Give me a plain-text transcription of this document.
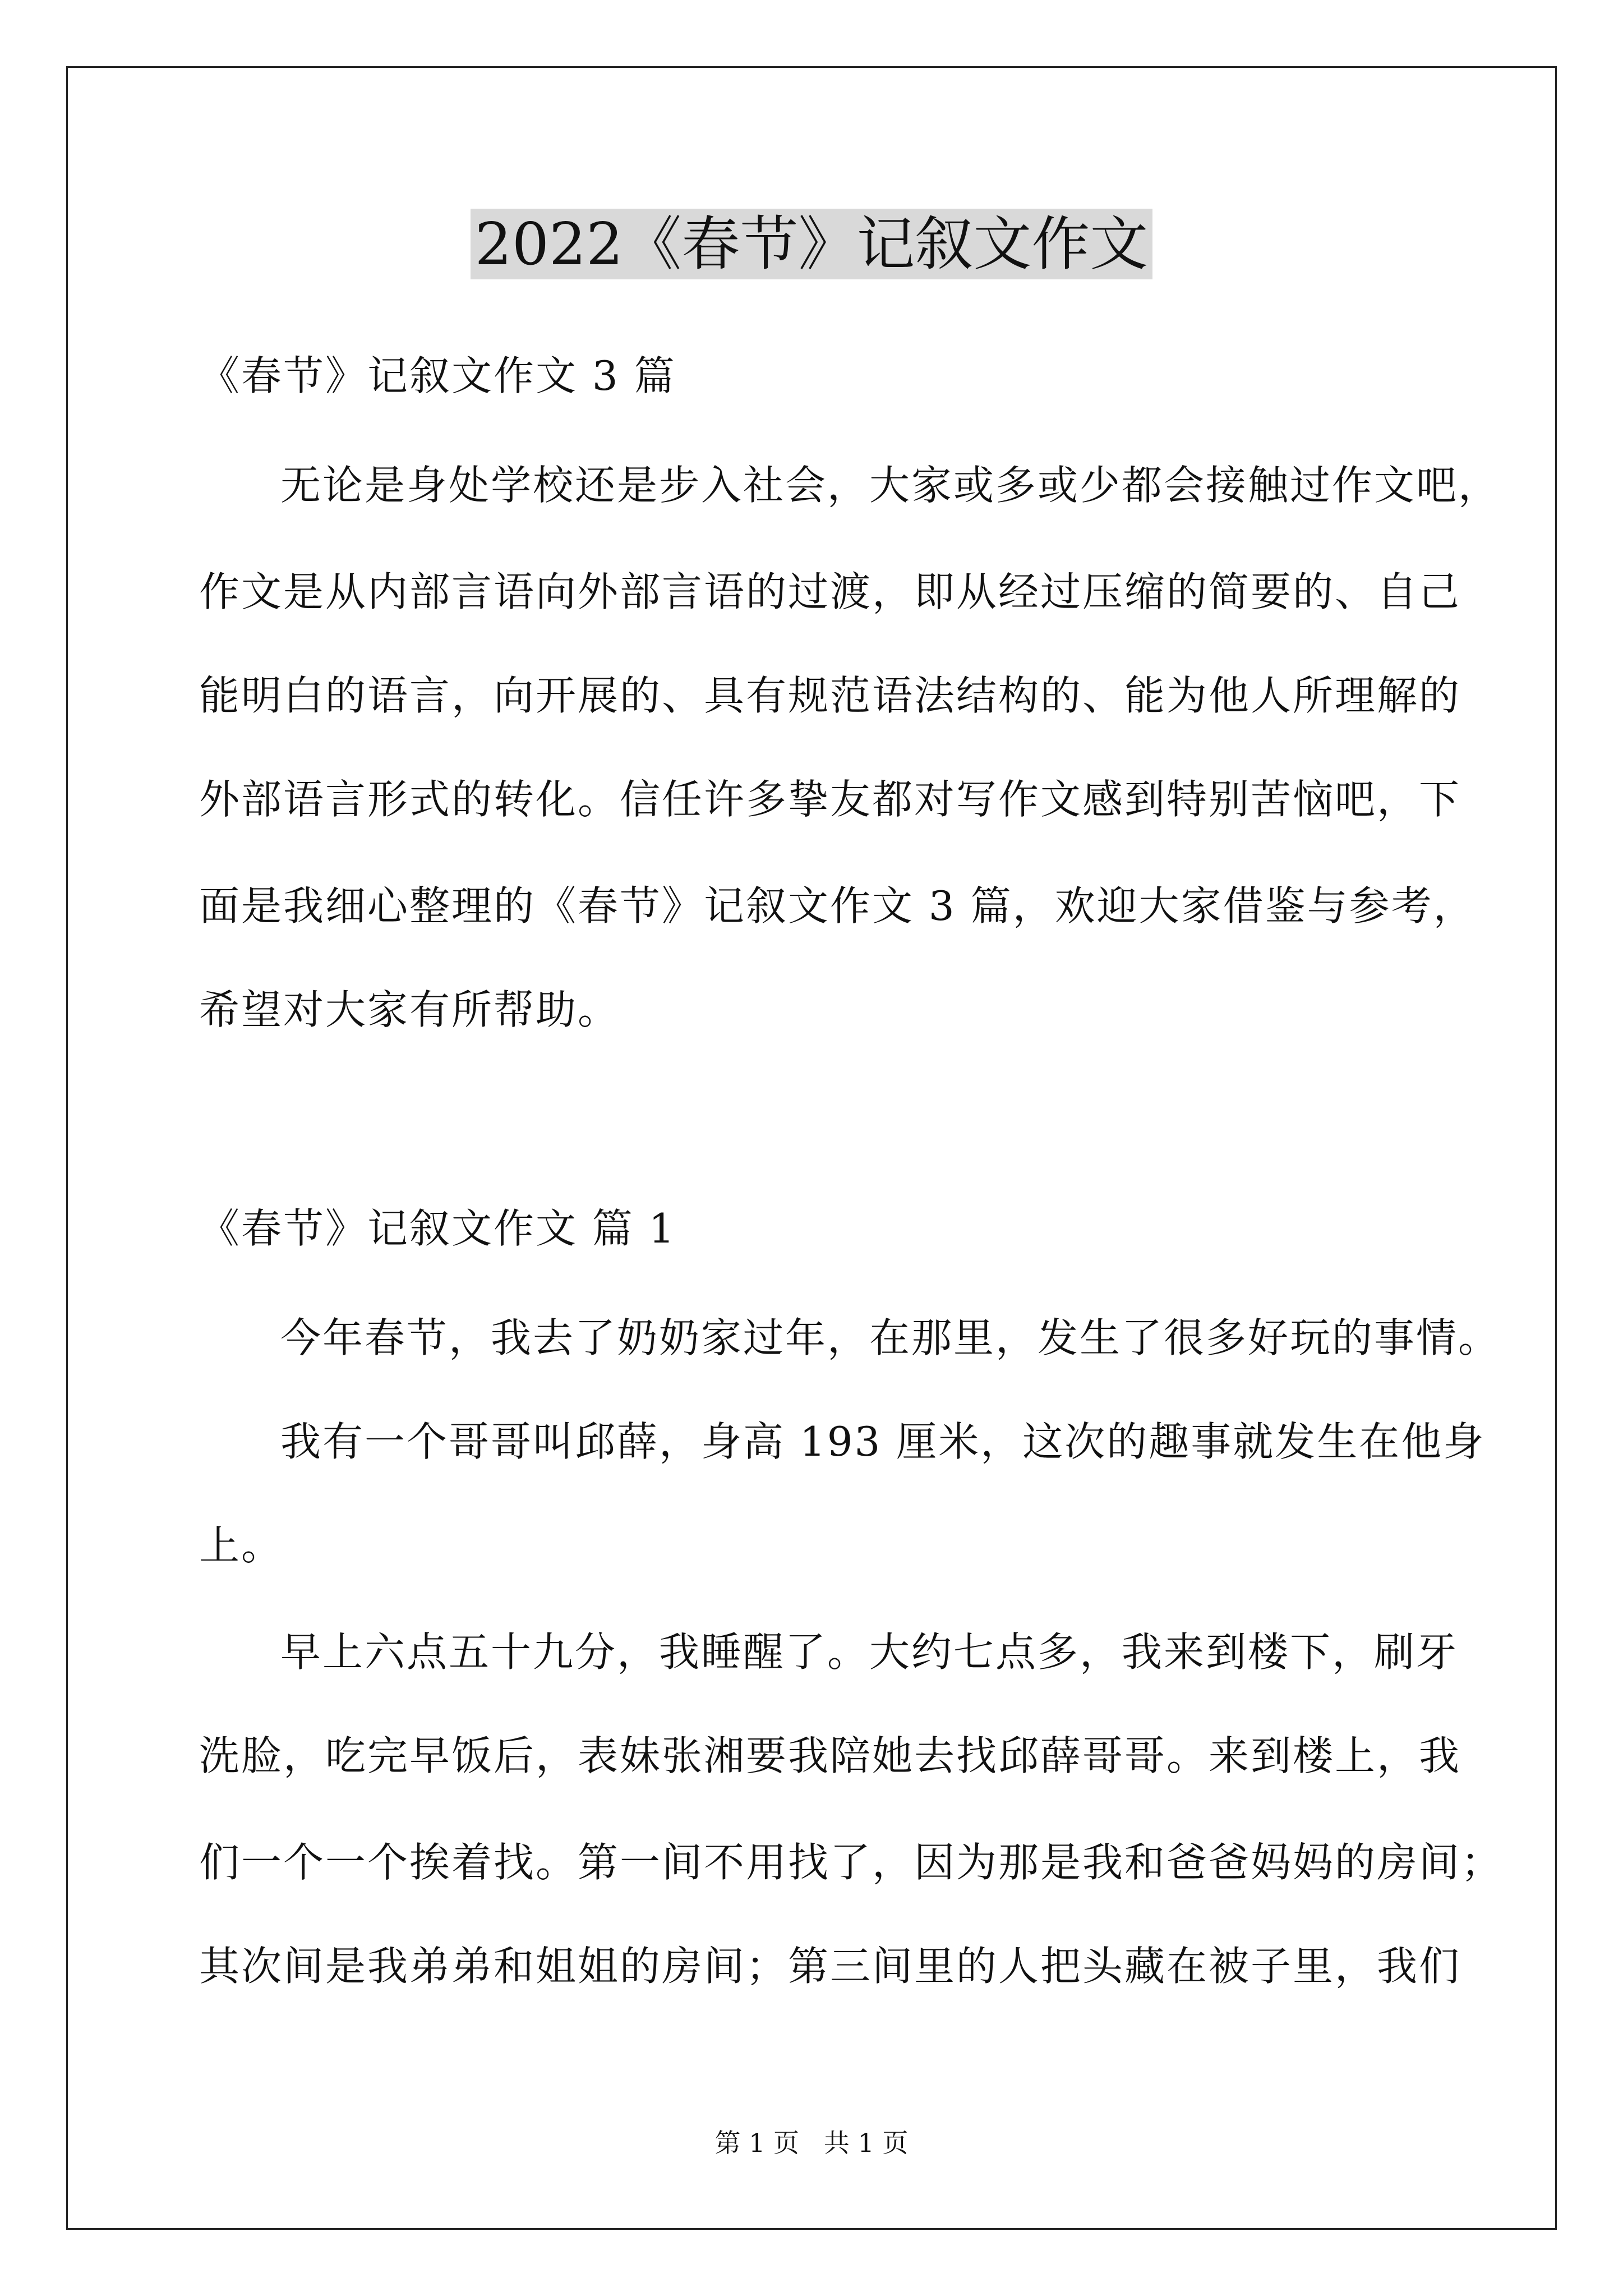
2022《春节》记叙文作文
《春节》记叙文作文 3 篇
无论是身处学校还是步入社会，大家或多或少都会接触过作文吧，
作文是从内部言语向外部言语的过渡，即从经过压缩的简要的、自己
能明白的语言，向开展的、具有规范语法结构的、能为他人所理解的
外部语言形式的转化。信任许多挚友都对写作文感到特别苦恼吧，下
面是我细心整理的《春节》记叙文作文 3 篇，欢迎大家借鉴与参考，
希望对大家有所帮助。
《春节》记叙文作文 篇 1
今年春节，我去了奶奶家过年，在那里，发生了很多好玩的事情。
我有一个哥哥叫邱薛，身高 193 厘米，这次的趣事就发生在他身
上。
早上六点五十九分，我睡醒了。大约七点多，我来到楼下，刷牙
洗脸，吃完早饭后，表妹张湘要我陪她去找邱薛哥哥。来到楼上，我
们一个一个挨着找。第一间不用找了，因为那是我和爸爸妈妈的房间；
其次间是我弟弟和姐姐的房间；第三间里的人把头藏在被子里，我们
第 1 页   共 1 页
